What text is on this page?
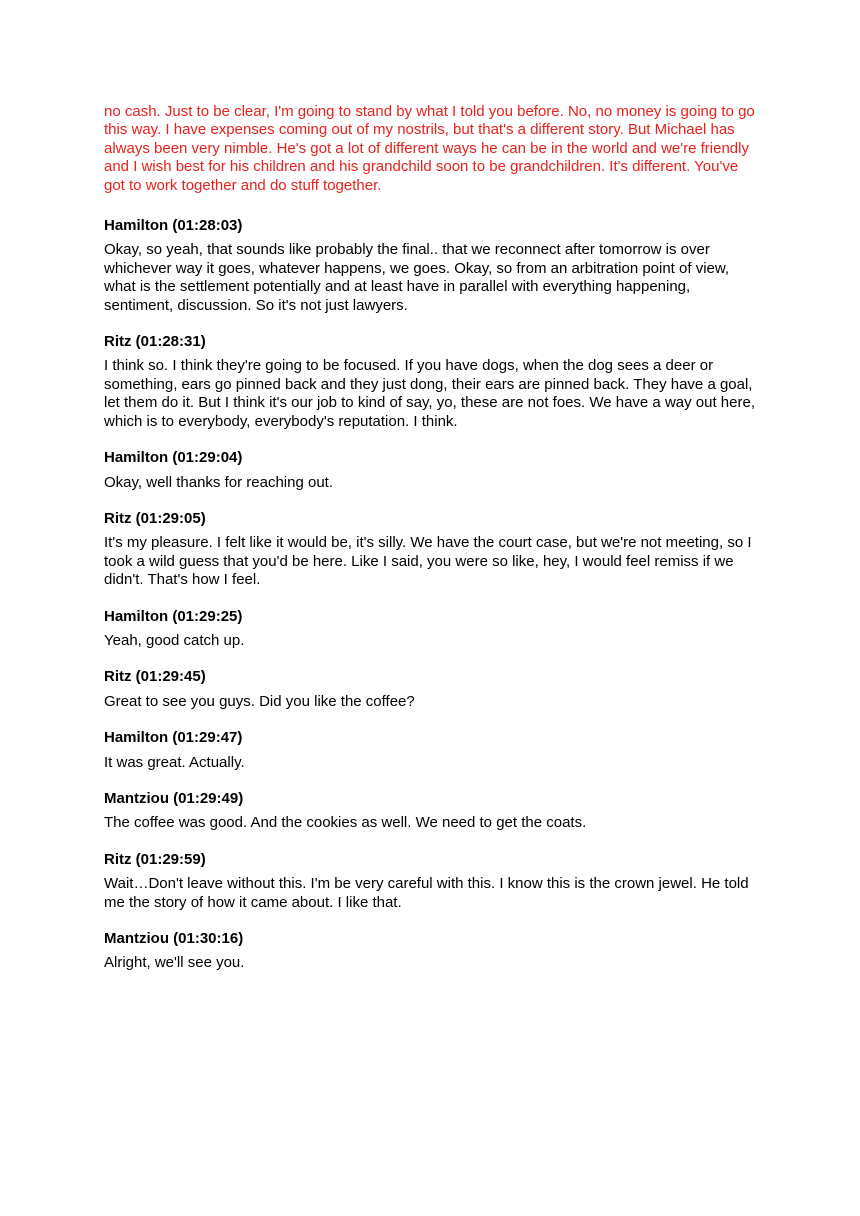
no cash. Just to be clear, I'm going to stand by what I told you before. No, no money is going to go this way. I have expenses coming out of my nostrils, but that's a different story. But Michael has always been very nimble. He's got a lot of different ways he can be in the world and we're friendly and I wish best for his children and his grandchild soon to be grandchildren. It's different. You've got to work together and do stuff together.

Hamilton (01:28:03)

Okay, so yeah, that sounds like probably the final.. that we reconnect after tomorrow is over whichever way it goes, whatever happens, we goes. Okay, so from an arbitration point of view, what is the settlement potentially and at least have in parallel with everything happening, sentiment, discussion. So it's not just lawyers.

Ritz (01:28:31)

I think so. I think they're going to be focused. If you have dogs, when the dog sees a deer or something, ears go pinned back and they just dong, their ears are pinned back. They have a goal, let them do it. But I think it's our job to kind of say, yo, these are not foes. We have a way out here, which is to everybody, everybody's reputation. I think.

Hamilton (01:29:04)

Okay, well thanks for reaching out.

Ritz (01:29:05)

It's my pleasure. I felt like it would be, it's silly. We have the court case, but we're not meeting, so I took a wild guess that you'd be here. Like I said, you were so like, hey, I would feel remiss if we didn't. That's how I feel.

Hamilton (01:29:25)

Yeah, good catch up.

Ritz (01:29:45)

Great to see you guys. Did you like the coffee?

Hamilton (01:29:47)

It was great. Actually.

Mantziou (01:29:49)

The coffee was good. And the cookies as well. We need to get the coats.

Ritz (01:29:59)

Wait…Don't leave without this. I'm be very careful with this. I know this is the crown jewel. He told me the story of how it came about. I like that.

Mantziou (01:30:16)

Alright, we'll see you.
